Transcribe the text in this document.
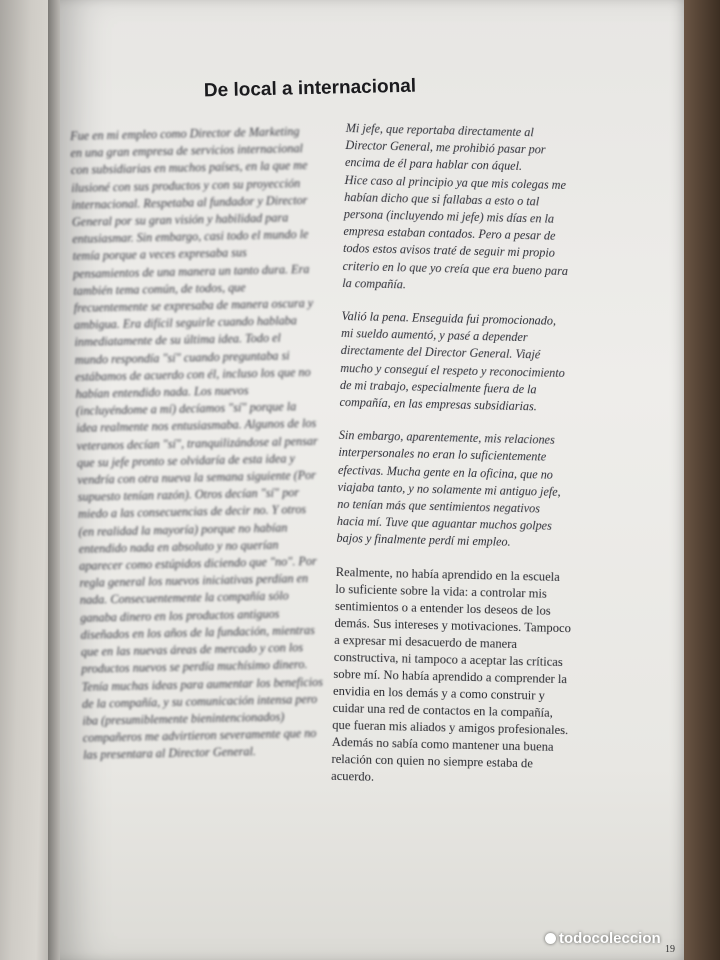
De local a internacional

Fue en mi empleo como Director de Marketing en una gran empresa de servicios internacional con subsidiarias en muchos países, en la que me ilusioné con sus productos y con su proyección internacional. Respetaba al fundador y Director General por su gran visión y habilidad para entusiasmar. Sin embargo, casi todo el mundo le temía porque a veces expresaba sus pensamientos de una manera un tanto dura. Era también tema común, de todos, que frecuentemente se expresaba de manera oscura y ambigua. Era difícil seguirle cuando hablaba inmediatamente de su última idea. Todo el mundo respondía "sí" cuando preguntaba si estábamos de acuerdo con él, incluso los que no habían entendido nada. Los nuevos (incluyéndome a mí) decíamos "sí" porque la idea realmente nos entusiasmaba. Algunos de los veteranos decían "sí", tranquilizándose al pensar que su jefe pronto se olvidaría de esta idea y vendría con otra nueva la semana siguiente (Por supuesto tenían razón). Otros decían "sí" por miedo a las consecuencias de decir no. Y otros (en realidad la mayoría) porque no habían entendido nada en absoluto y no querían aparecer como estúpidos diciendo que "no". Por regla general los nuevos iniciativas perdían en nada. Consecuentemente la compañía sólo ganaba dinero en los productos antiguos diseñados en los años de la fundación, mientras que en las nuevas áreas de mercado y con los productos nuevos se perdía muchísimo dinero. Tenía muchas ideas para aumentar los beneficios de la compañía, y su comunicación intensa pero iba (presumiblemente bienintencionados) compañeros me advirtieron severamente que no las presentara al Director General.

Mi jefe, que reportaba directamente al
Director General, me prohibió pasar por
encima de él para hablar con áquel.
Hice caso al principio ya que mis colegas me
habían dicho que si fallabas a esto o tal
persona (incluyendo mi jefe) mis días en la
empresa estaban contados. Pero a pesar de
todos estos avisos traté de seguir mi propio
criterio en lo que yo creía que era bueno para
la compañía.

Valió la pena. Enseguida fui promocionado,
mi sueldo aumentó, y pasé a depender
directamente del Director General. Viajé
mucho y conseguí el respeto y reconocimiento
de mi trabajo, especialmente fuera de la
compañía, en las empresas subsidiarias.

Sin embargo, aparentemente, mis relaciones
interpersonales no eran lo suficientemente
efectivas. Mucha gente en la oficina, que no
viajaba tanto, y no solamente mi antiguo jefe,
no tenían más que sentimientos negativos
hacia mí. Tuve que aguantar muchos golpes
bajos y finalmente perdí mi empleo.

Realmente, no había aprendido en la escuela
lo suficiente sobre la vida: a controlar mis
sentimientos o a entender los deseos de los
demás. Sus intereses y motivaciones. Tampoco
a expresar mi desacuerdo de manera
constructiva, ni tampoco a aceptar las críticas
sobre mí. No había aprendido a comprender la
envidia en los demás y a como construir y
cuidar una red de contactos en la compañía,
que fueran mis aliados y amigos profesionales.
Además no sabía como mantener una buena
relación con quien no siempre estaba de
acuerdo.

19
todocoleccion
